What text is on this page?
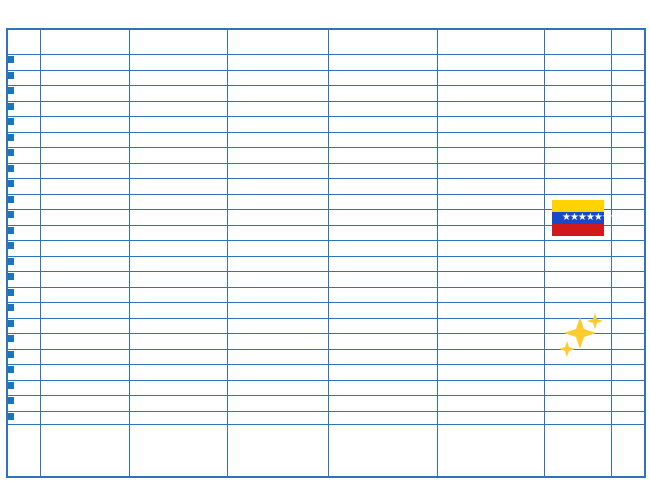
★★★★★★★★
